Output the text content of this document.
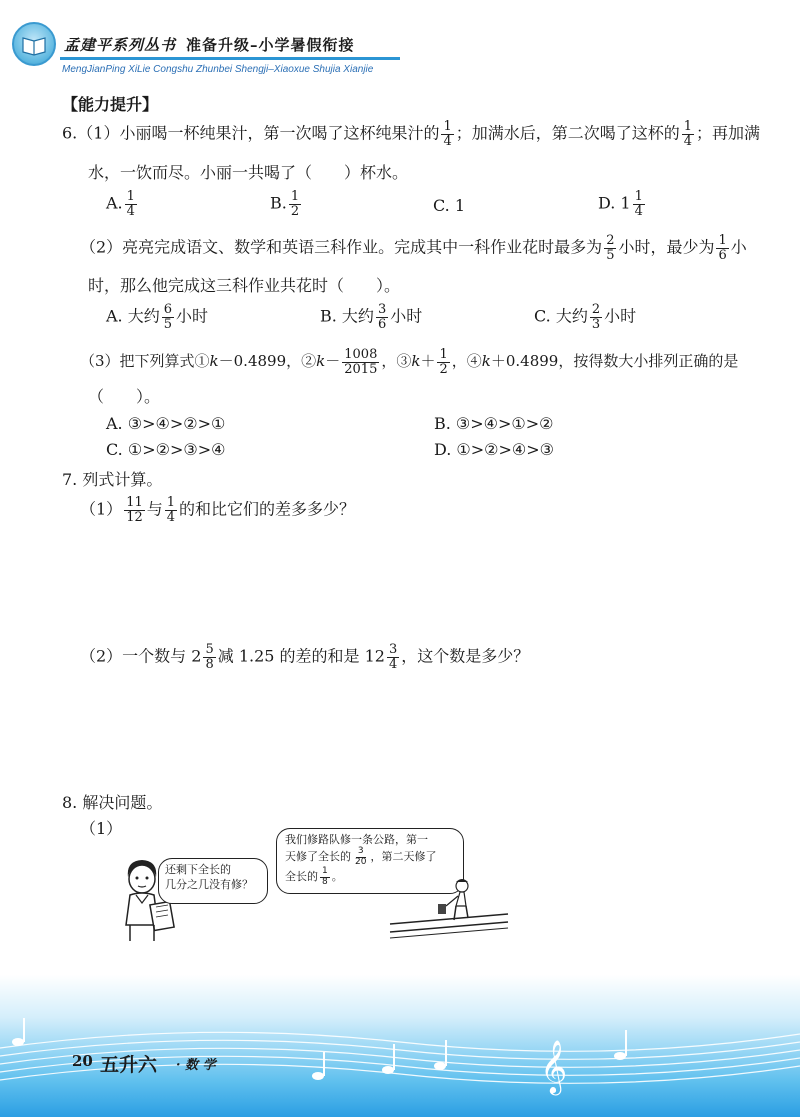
孟建平系列丛书 准备升级–小学暑假衔接
MengJianPing XiLie Congshu Zhunbei Shengji–Xiaoxue Shujia Xianjie
【能力提升】
6.（1）小丽喝一杯纯果汁，第一次喝了这杯纯果汁的 $\frac{1}{4}$ ；加满水后，第二次喝了这杯的 $\frac{1}{4}$ ；再加满
水，一饮而尽。小丽一共喝了（　　）杯水。
A. $\frac{1}{4}$	B. $\frac{1}{2}$	C. 1	D. $1 \frac{1}{4}$
（2）亮亮完成语文、数学和英语三科作业。完成其中一科作业花时最多为 $\frac{2}{5}$ 小时，最少为 $\frac{1}{6}$ 小
时，那么他完成这三科作业共花时（　　）。
A. 大约 $\frac{6}{5}$ 小时	B. 大约 $\frac{3}{6}$ 小时	C. 大约 $\frac{2}{3}$ 小时
（3）把下列算式①k－0.4899，②k－ $\frac{1008}{2015}$ ，③k＋ $\frac{1}{2}$ ，④k＋0.4899，按得数大小排列正确的是
（　　）。
A. ③>④>②>①	B. ③>④>①>②
C. ①>②>③>④	D. ①>②>④>③
7. 列式计算。
$(1) \frac{11}{12}$ 与 $\frac{1}{4}$ 的和比它们的差多多少？
（2）一个数与 $2 \frac{5}{8}$ 减 1.25 的差的和是 $12 \frac{3}{4}$ ，这个数是多少？
8. 解决问题。
（1）
还剩下全长的
几分之几没有修？
我们修路队修一条公路，第一
天修了全长的 $\frac{3}{20}$ ，第二天修了
全长的 $\frac{1}{8}$ 。
𝄞
20 五升六 · 数 学
